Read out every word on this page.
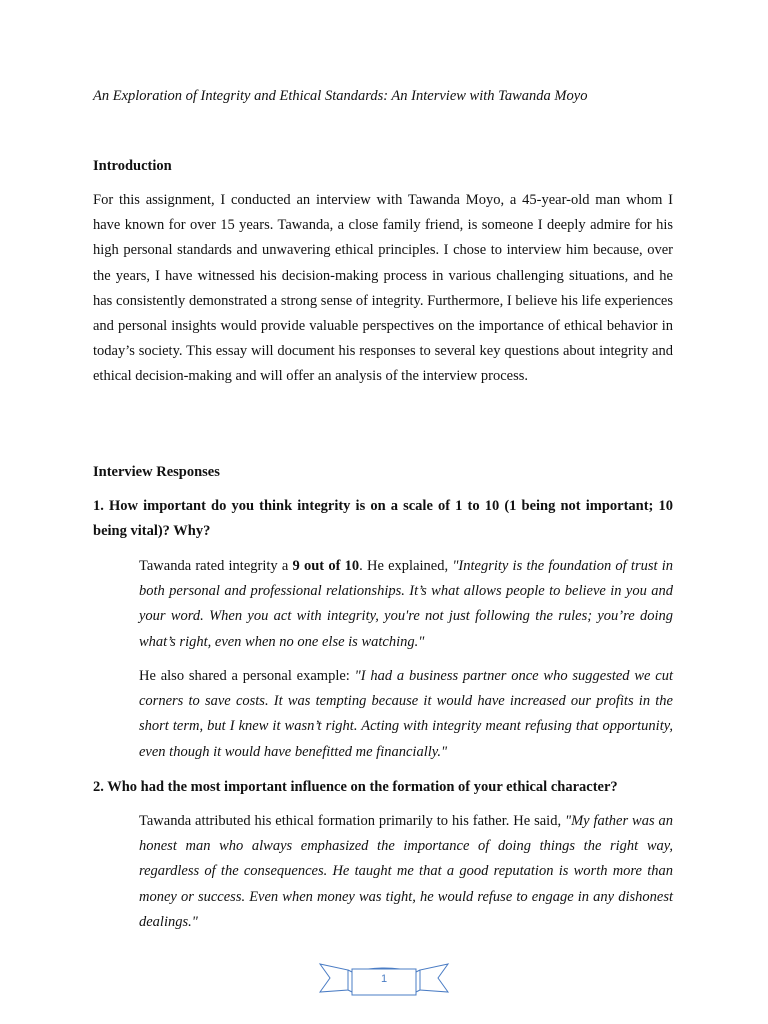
An Exploration of Integrity and Ethical Standards: An Interview with Tawanda Moyo
Introduction

For this assignment, I conducted an interview with Tawanda Moyo, a 45-year-old man whom I have known for over 15 years. Tawanda, a close family friend, is someone I deeply admire for his high personal standards and unwavering ethical principles. I chose to interview him because, over the years, I have witnessed his decision-making process in various challenging situations, and he has consistently demonstrated a strong sense of integrity. Furthermore, I believe his life experiences and personal insights would provide valuable perspectives on the importance of ethical behavior in today’s society. This essay will document his responses to several key questions about integrity and ethical decision-making and will offer an analysis of the interview process.

Interview Responses

1. How important do you think integrity is on a scale of 1 to 10 (1 being not important; 10 being vital)? Why?

Tawanda rated integrity a 9 out of 10. He explained, "Integrity is the foundation of trust in both personal and professional relationships. It’s what allows people to believe in you and your word. When you act with integrity, you're not just following the rules; you’re doing what’s right, even when no one else is watching."

He also shared a personal example: "I had a business partner once who suggested we cut corners to save costs. It was tempting because it would have increased our profits in the short term, but I knew it wasn’t right. Acting with integrity meant refusing that opportunity, even though it would have benefitted me financially."

2. Who had the most important influence on the formation of your ethical character?

Tawanda attributed his ethical formation primarily to his father. He said, "My father was an honest man who always emphasized the importance of doing things the right way, regardless of the consequences. He taught me that a good reputation is worth more than money or success. Even when money was tight, he would refuse to engage in any dishonest dealings."

1
